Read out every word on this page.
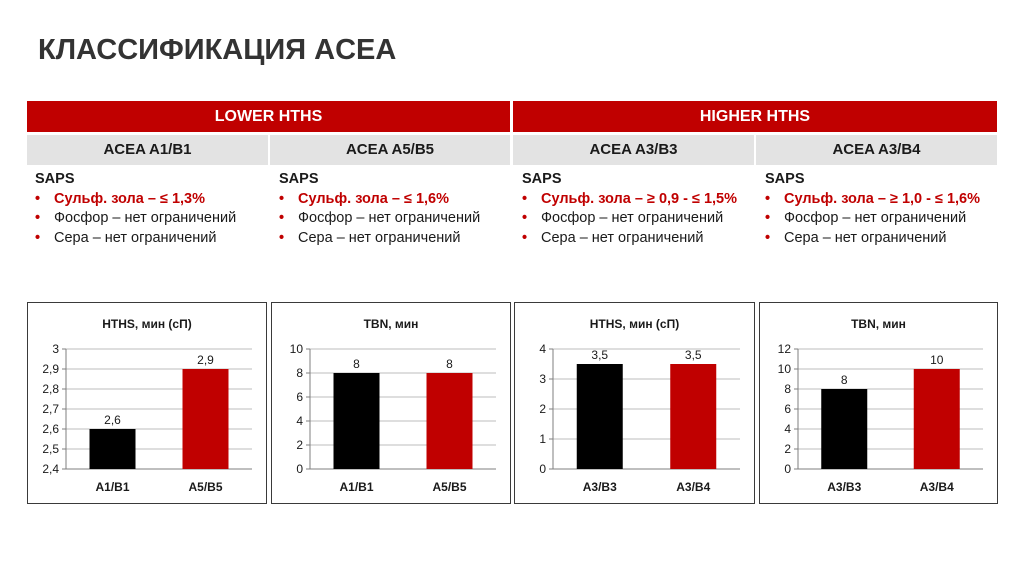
КЛАССИФИКАЦИЯ ACEA
LOWER HTHS	HIGHER HTHS
ACEA A1/B1	ACEA A5/B5	ACEA A3/B3	ACEA A3/B4
SAPS
• Сульф. зола – ≤ 1,3%
• Фосфор – нет ограничений
• Сера – нет ограничений
SAPS
• Сульф. зола – ≤ 1,6%
• Фосфор – нет ограничений
• Сера – нет ограничений
SAPS
• Сульф. зола – ≥ 0,9 - ≤ 1,5%
• Фосфор – нет ограничений
• Сера – нет ограничений
SAPS
• Сульф. зола – ≥ 1,0 - ≤ 1,6%
• Фосфор – нет ограничений
• Сера – нет ограничений
HTHS, мин (сП)
2,4
2,5
2,6
2,7
2,8
2,9
3
2,6
A1/B1
2,9
A5/B5
TBN, мин
0
2
4
6
8
10
8
A1/B1
8
A5/B5
HTHS, мин (сП)
0
1
2
3
4	3,5
A3/B3
3,5
A3/B4
TBN, мин
0
2
4
6
8
10
12
8
A3/B3
10
A3/B4
